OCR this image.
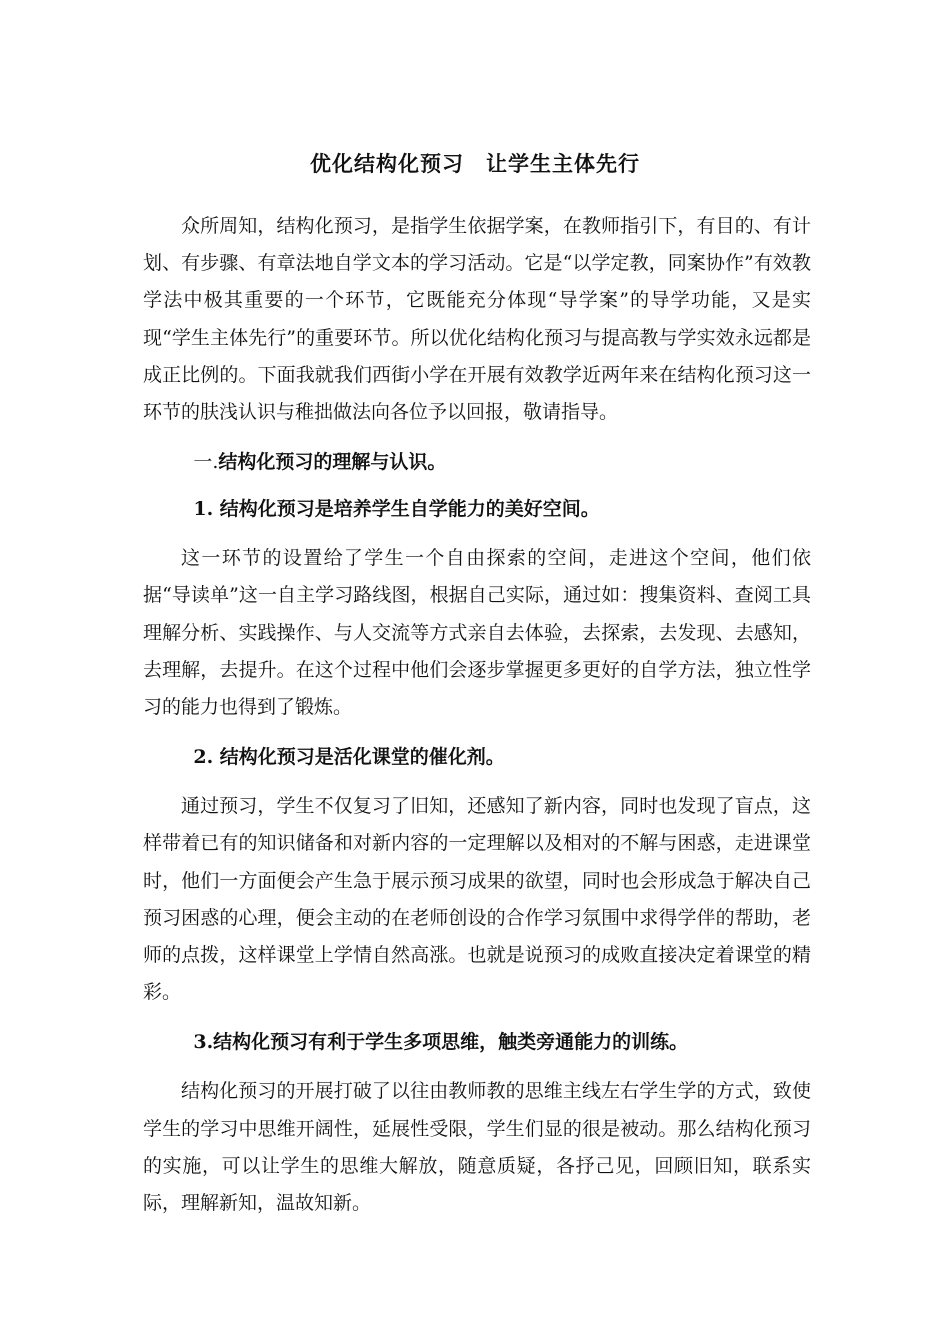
优化结构化预习　让学生主体先行

众所周知，结构化预习，是指学生依据学案，在教师指引下，有目的、有计划、有步骤、有章法地自学文本的学习活动。它是“以学定教，同案协作”有效教学法中极其重要的一个环节，它既能充分体现“导学案”的导学功能，又是实现“学生主体先行”的重要环节。所以优化结构化预习与提高教与学实效永远都是成正比例的。下面我就我们西街小学在开展有效教学近两年来在结构化预习这一环节的肤浅认识与稚拙做法向各位予以回报，敬请指导。

一.结构化预习的理解与认识。
1. 结构化预习是培养学生自学能力的美好空间。

这一环节的设置给了学生一个自由探索的空间，走进这个空间，他们依据“导读单”这一自主学习路线图，根据自己实际，通过如：搜集资料、查阅工具理解分析、实践操作、与人交流等方式亲自去体验，去探索，去发现、去感知，去理解，去提升。在这个过程中他们会逐步掌握更多更好的自学方法，独立性学习的能力也得到了锻炼。

2. 结构化预习是活化课堂的催化剂。

通过预习，学生不仅复习了旧知，还感知了新内容，同时也发现了盲点，这样带着已有的知识储备和对新内容的一定理解以及相对的不解与困惑，走进课堂时，他们一方面便会产生急于展示预习成果的欲望，同时也会形成急于解决自己预习困惑的心理，便会主动的在老师创设的合作学习氛围中求得学伴的帮助，老师的点拨，这样课堂上学情自然高涨。也就是说预习的成败直接决定着课堂的精彩。

3.结构化预习有利于学生多项思维，触类旁通能力的训练。

结构化预习的开展打破了以往由教师教的思维主线左右学生学的方式，致使学生的学习中思维开阔性，延展性受限，学生们显的很是被动。那么结构化预习的实施，可以让学生的思维大解放，随意质疑，各抒己见，回顾旧知，联系实际，理解新知，温故知新。
